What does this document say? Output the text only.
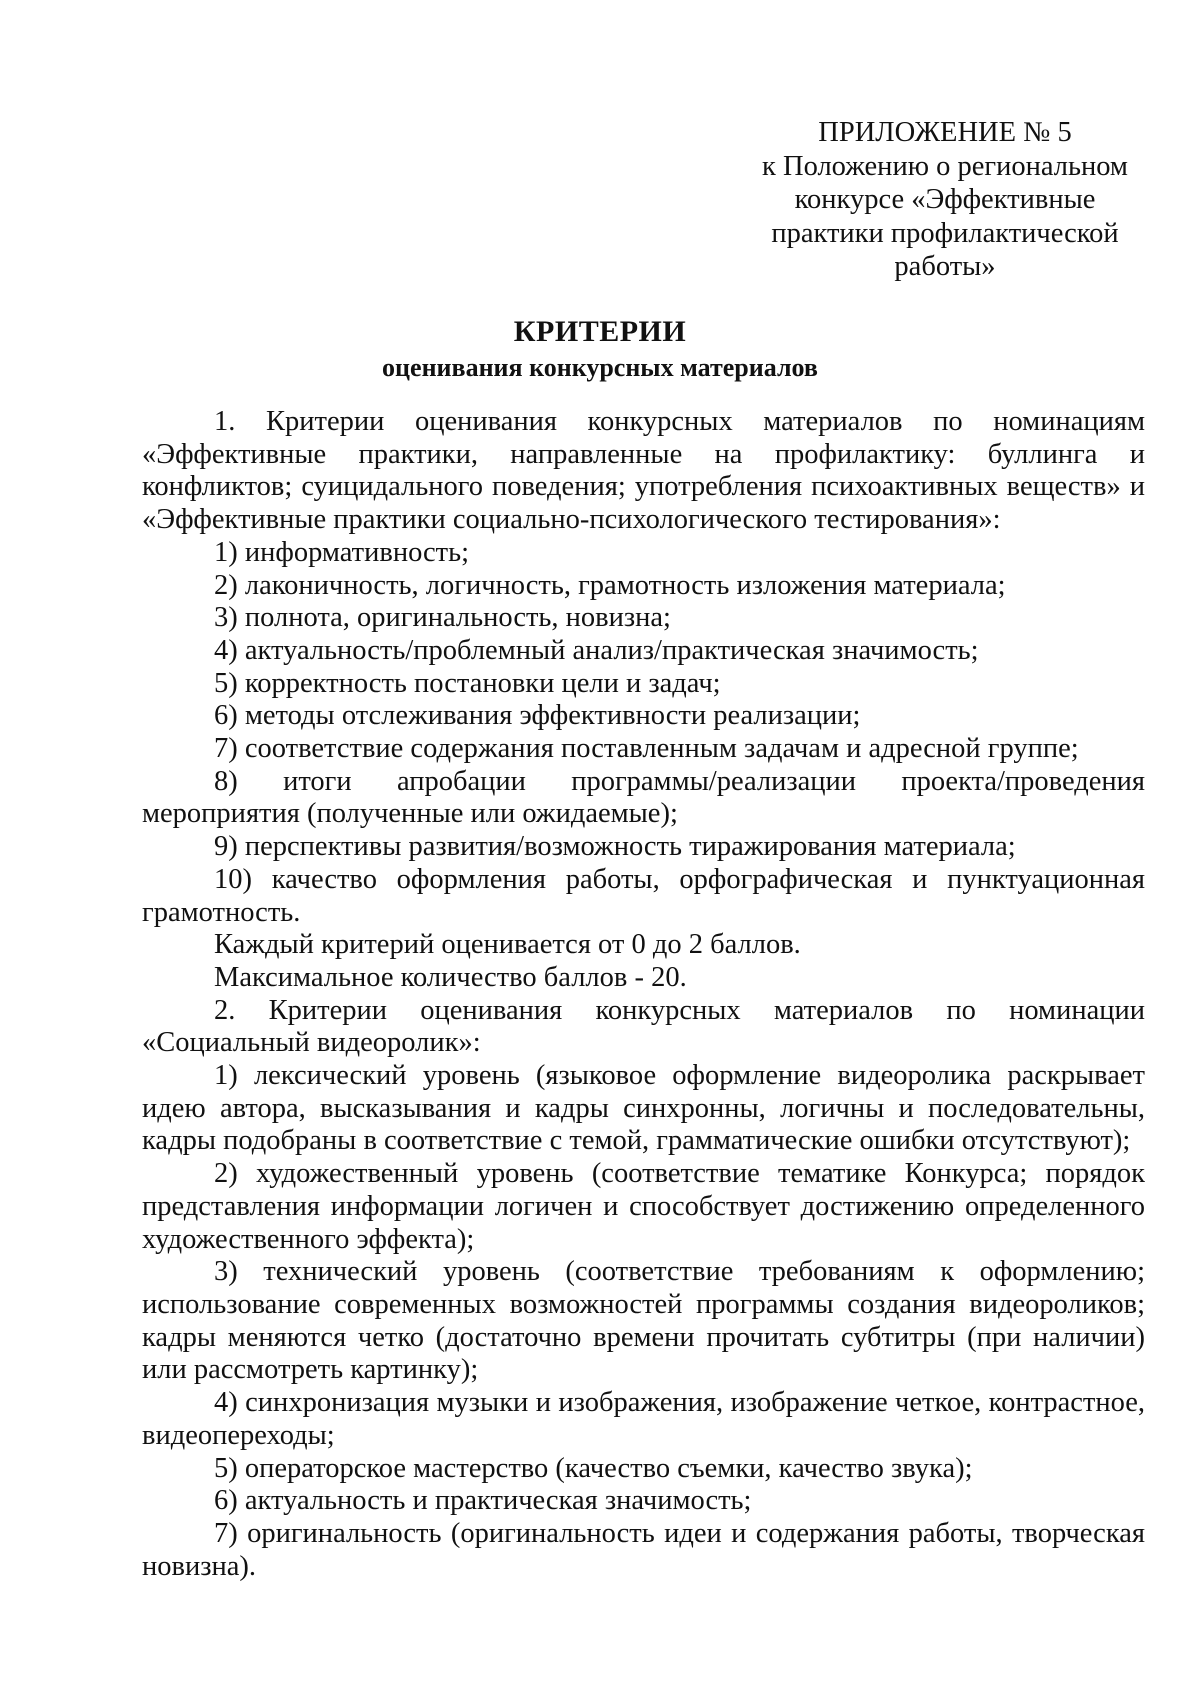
ПРИЛОЖЕНИЕ № 5
к Положению о региональном
конкурсе «Эффективные
практики профилактической
работы»
КРИТЕРИИ
оценивания конкурсных материалов

1. Критерии оценивания конкурсных материалов по номинациям «Эффективные практики, направленные на профилактику: буллинга и конфликтов; суицидального поведения; употребления психоактивных веществ» и «Эффективные практики социально-психологического тестирования»:

1) информативность;

2) лаконичность, логичность, грамотность изложения материала;

3) полнота, оригинальность, новизна;

4) актуальность/проблемный анализ/практическая значимость;

5) корректность постановки цели и задач;

6) методы отслеживания эффективности реализации;

7) соответствие содержания поставленным задачам и адресной группе;

8) итоги апробации программы/реализации проекта/проведения мероприятия (полученные или ожидаемые);

9) перспективы развития/возможность тиражирования материала;

10) качество оформления работы, орфографическая и пунктуационная грамотность.

Каждый критерий оценивается от 0 до 2 баллов.

Максимальное количество баллов - 20.

2. Критерии оценивания конкурсных материалов по номинации «Социальный видеоролик»:

1) лексический уровень (языковое оформление видеоролика раскрывает идею автора, высказывания и кадры синхронны, логичны и последовательны, кадры подобраны в соответствие с темой, грамматические ошибки отсутствуют);

2) художественный уровень (соответствие тематике Конкурса; порядок представления информации логичен и способствует достижению определенного художественного эффекта);

3) технический уровень (соответствие требованиям к оформлению; использование современных возможностей программы создания видеороликов; кадры меняются четко (достаточно времени прочитать субтитры (при наличии) или рассмотреть картинку);

4) синхронизация музыки и изображения, изображение четкое, контрастное, видеопереходы;

5) операторское мастерство (качество съемки, качество звука);

6) актуальность и практическая значимость;

7) оригинальность (оригинальность идеи и содержания работы, творческая новизна).
